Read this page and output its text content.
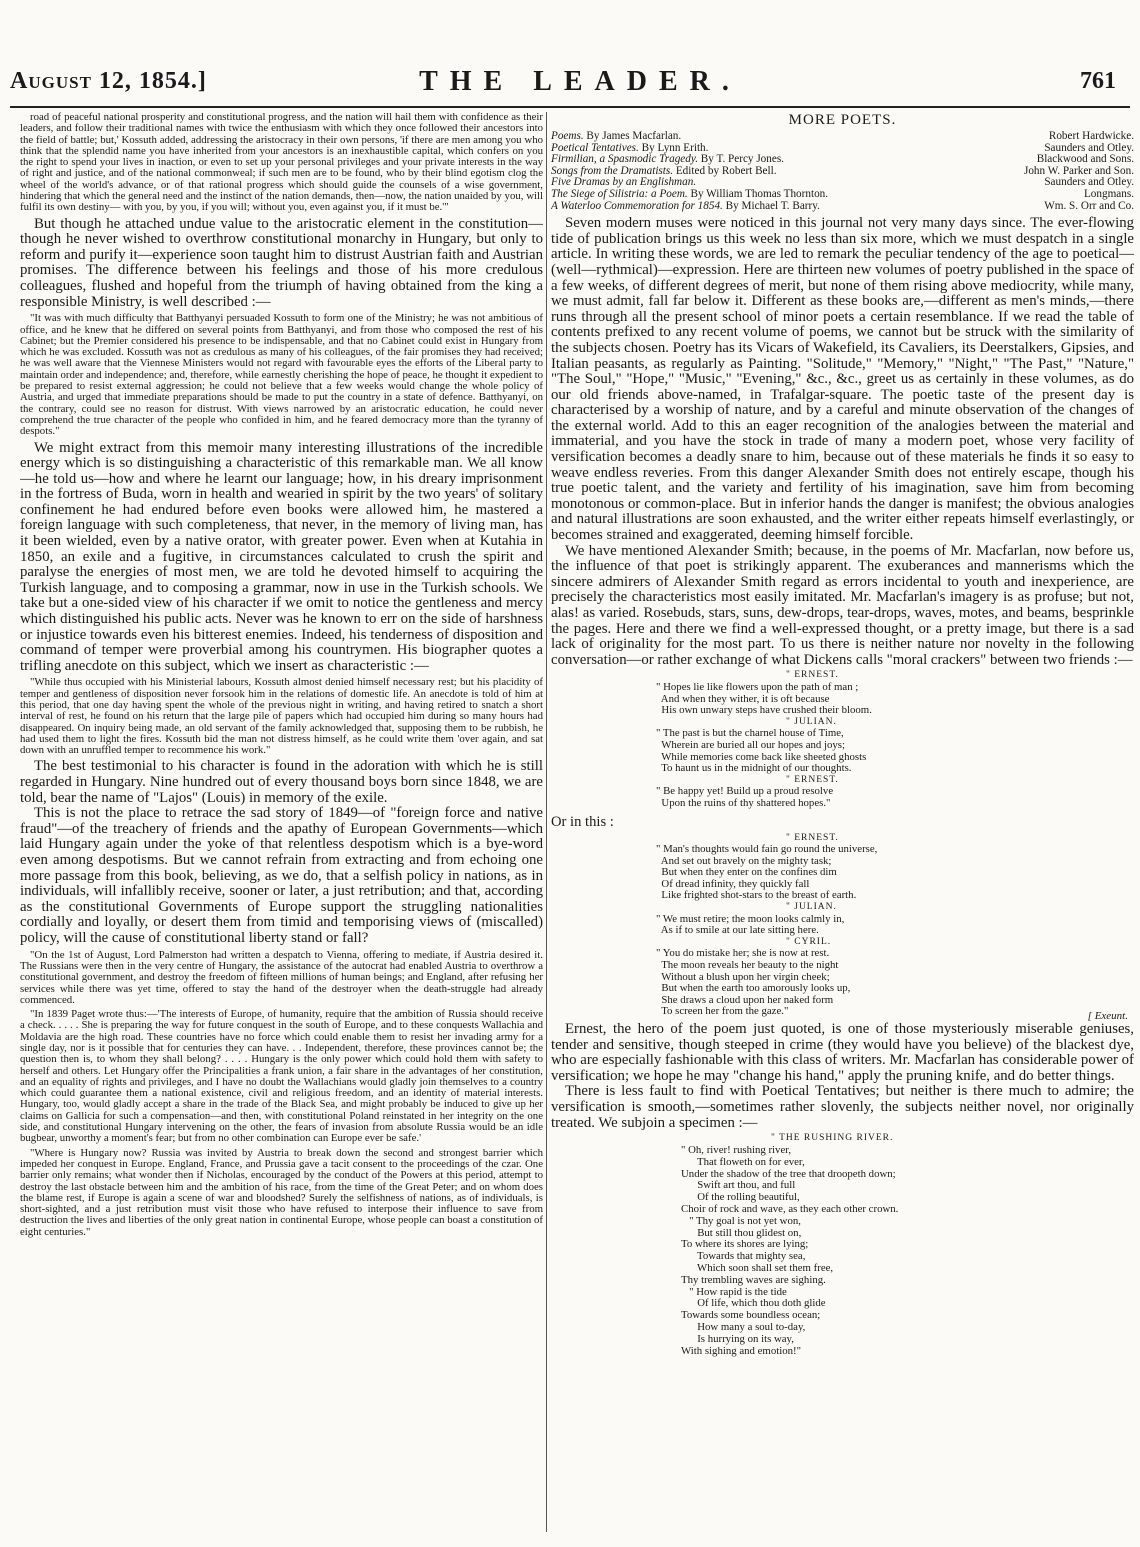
August 12, 1854.]	THE LEADER.	761

road of peaceful national prosperity and constitutional progress, and the nation will hail them with confidence as their leaders, and follow their traditional names with twice the enthusiasm with which they once followed their ancestors into the field of battle; but,' Kossuth added, addressing the aristocracy in their own persons, 'if there are men among you who think that the splendid name you have inherited from your ancestors is an inexhaustible capital, which confers on you the right to spend your lives in inaction, or even to set up your personal privileges and your private interests in the way of right and justice, and of the national commonweal; if such men are to be found, who by their blind egotism clog the wheel of the world's advance, or of that rational progress which should guide the counsels of a wise government, hindering that which the general need and the instinct of the nation demands, then—now, the nation unaided by you, will fulfil its own destiny— with you, by you, if you will; without you, even against you, if it must be.'"

But though he attached undue value to the aristocratic element in the constitution—though he never wished to overthrow constitutional monarchy in Hungary, but only to reform and purify it—experience soon taught him to distrust Austrian faith and Austrian promises. The difference between his feelings and those of his more credulous colleagues, flushed and hopeful from the triumph of having obtained from the king a responsible Ministry, is well described :—

"It was with much difficulty that Batthyanyi persuaded Kossuth to form one of the Ministry; he was not ambitious of office, and he knew that he differed on several points from Batthyanyi, and from those who composed the rest of his Cabinet; but the Premier considered his presence to be indispensable, and that no Cabinet could exist in Hungary from which he was excluded. Kossuth was not as credulous as many of his colleagues, of the fair promises they had received; he was well aware that the Viennese Ministers would not regard with favourable eyes the efforts of the Liberal party to maintain order and independence; and, therefore, while earnestly cherishing the hope of peace, he thought it expedient to be prepared to resist external aggression; he could not believe that a few weeks would change the whole policy of Austria, and urged that immediate preparations should be made to put the country in a state of defence. Batthyanyi, on the contrary, could see no reason for distrust. With views narrowed by an aristocratic education, he could never comprehend the true character of the people who confided in him, and he feared democracy more than the tyranny of despots."

We might extract from this memoir many interesting illustrations of the incredible energy which is so distinguishing a characteristic of this remarkable man. We all know—he told us—how and where he learnt our language; how, in his dreary imprisonment in the fortress of Buda, worn in health and wearied in spirit by the two years' of solitary confinement he had endured before even books were allowed him, he mastered a foreign language with such completeness, that never, in the memory of living man, has it been wielded, even by a native orator, with greater power. Even when at Kutahia in 1850, an exile and a fugitive, in circumstances calculated to crush the spirit and paralyse the energies of most men, we are told he devoted himself to acquiring the Turkish language, and to composing a grammar, now in use in the Turkish schools. We take but a one-sided view of his character if we omit to notice the gentleness and mercy which distinguished his public acts. Never was he known to err on the side of harshness or injustice towards even his bitterest enemies. Indeed, his tenderness of disposition and command of temper were proverbial among his countrymen. His biographer quotes a trifling anecdote on this subject, which we insert as characteristic :—

"While thus occupied with his Ministerial labours, Kossuth almost denied himself necessary rest; but his placidity of temper and gentleness of disposition never forsook him in the relations of domestic life. An anecdote is told of him at this period, that one day having spent the whole of the previous night in writing, and having retired to snatch a short interval of rest, he found on his return that the large pile of papers which had occupied him during so many hours had disappeared. On inquiry being made, an old servant of the family acknowledged that, supposing them to be rubbish, he had used them to light the fires. Kossuth bid the man not distress himself, as he could write them 'over again, and sat down with an unruffled temper to recommence his work."

The best testimonial to his character is found in the adoration with which he is still regarded in Hungary. Nine hundred out of every thousand boys born since 1848, we are told, bear the name of "Lajos" (Louis) in memory of the exile.

This is not the place to retrace the sad story of 1849—of "foreign force and native fraud"—of the treachery of friends and the apathy of European Governments—which laid Hungary again under the yoke of that relentless despotism which is a bye-word even among despotisms. But we cannot refrain from extracting and from echoing one more passage from this book, believing, as we do, that a selfish policy in nations, as in individuals, will infallibly receive, sooner or later, a just retribution; and that, according as the constitutional Governments of Europe support the struggling nationalities cordially and loyally, or desert them from timid and temporising views of (miscalled) policy, will the cause of constitutional liberty stand or fall?

"On the 1st of August, Lord Palmerston had written a despatch to Vienna, offering to mediate, if Austria desired it. The Russians were then in the very centre of Hungary, the assistance of the autocrat had enabled Austria to overthrow a constitutional government, and destroy the freedom of fifteen millions of human beings; and England, after refusing her services while there was yet time, offered to stay the hand of the destroyer when the death-struggle had already commenced.

"In 1839 Paget wrote thus:—'The interests of Europe, of humanity, require that the ambition of Russia should receive a check. . . . . She is preparing the way for future conquest in the south of Europe, and to these conquests Wallachia and Moldavia are the high road. These countries have no force which could enable them to resist her invading army for a single day, nor is it possible that for centuries they can have. . . Independent, therefore, these provinces cannot be; the question then is, to whom they shall belong? . . . . Hungary is the only power which could hold them with safety to herself and others. Let Hungary offer the Principalities a frank union, a fair share in the advantages of her constitution, and an equality of rights and privileges, and I have no doubt the Wallachians would gladly join themselves to a country which could guarantee them a national existence, civil and religious freedom, and an identity of material interests. Hungary, too, would gladly accept a share in the trade of the Black Sea, and might probably be induced to give up her claims on Gallicia for such a compensation—and then, with constitutional Poland reinstated in her integrity on the one side, and constitutional Hungary intervening on the other, the fears of invasion from absolute Russia would be an idle bugbear, unworthy a moment's fear; but from no other combination can Europe ever be safe.'

"Where is Hungary now? Russia was invited by Austria to break down the second and strongest barrier which impeded her conquest in Europe. England, France, and Prussia gave a tacit consent to the proceedings of the czar. One barrier only remains; what wonder then if Nicholas, encouraged by the conduct of the Powers at this period, attempt to destroy the last obstacle between him and the ambition of his race, from the time of the Great Peter; and on whom does the blame rest, if Europe is again a scene of war and bloodshed? Surely the selfishness of nations, as of individuals, is short-sighted, and a just retribution must visit those who have refused to interpose their influence to save from destruction the lives and liberties of the only great nation in continental Europe, whose people can boast a constitution of eight centuries."

MORE POETS.
Poems. By James Macfarlan.	Robert Hardwicke.
Poetical Tentatives. By Lynn Erith.	Saunders and Otley.
Firmilian, a Spasmodic Tragedy. By T. Percy Jones.	Blackwood and Sons.
Songs from the Dramatists. Edited by Robert Bell.	John W. Parker and Son.
Five Dramas by an Englishman.	Saunders and Otley.
The Siege of Silistria: a Poem. By William Thomas Thornton.	Longmans.
A Waterloo Commemoration for 1854. By Michael T. Barry.	Wm. S. Orr and Co.

Seven modern muses were noticed in this journal not very many days since. The ever-flowing tide of publication brings us this week no less than six more, which we must despatch in a single article. In writing these words, we are led to remark the peculiar tendency of the age to poetical—(well—rythmical)—expression. Here are thirteen new volumes of poetry published in the space of a few weeks, of different degrees of merit, but none of them rising above mediocrity, while many, we must admit, fall far below it. Different as these books are,—different as men's minds,—there runs through all the present school of minor poets a certain resemblance. If we read the table of contents prefixed to any recent volume of poems, we cannot but be struck with the similarity of the subjects chosen. Poetry has its Vicars of Wakefield, its Cavaliers, its Deerstalkers, Gipsies, and Italian peasants, as regularly as Painting. "Solitude," "Memory," "Night," "The Past," "Nature," "The Soul," "Hope," "Music," "Evening," &c., &c., greet us as certainly in these volumes, as do our old friends above-named, in Trafalgar-square. The poetic taste of the present day is characterised by a worship of nature, and by a careful and minute observation of the changes of the external world. Add to this an eager recognition of the analogies between the material and immaterial, and you have the stock in trade of many a modern poet, whose very facility of versification becomes a deadly snare to him, because out of these materials he finds it so easy to weave endless reveries. From this danger Alexander Smith does not entirely escape, though his true poetic talent, and the variety and fertility of his imagination, save him from becoming monotonous or common-place. But in inferior hands the danger is manifest; the obvious analogies and natural illustrations are soon exhausted, and the writer either repeats himself everlastingly, or becomes strained and exaggerated, deeming himself forcible.

We have mentioned Alexander Smith; because, in the poems of Mr. Macfarlan, now before us, the influence of that poet is strikingly apparent. The exuberances and mannerisms which the sincere admirers of Alexander Smith regard as errors incidental to youth and inexperience, are precisely the characteristics most easily imitated. Mr. Macfarlan's imagery is as profuse; but not, alas! as varied. Rosebuds, stars, suns, dew-drops, tear-drops, waves, motes, and beams, besprinkle the pages. Here and there we find a well-expressed thought, or a pretty image, but there is a sad lack of originality for the most part. To us there is neither nature nor novelty in the following conversation—or rather exchange of what Dickens calls "moral crackers" between two friends :—

" ERNEST.
" Hopes lie like flowers upon the path of man ;
And when they wither, it is oft because
His own unwary steps have crushed their bloom.
" JULIAN.
" The past is but the charnel house of Time,
Wherein are buried all our hopes and joys;
While memories come back like sheeted ghosts
To haunt us in the midnight of our thoughts.
" ERNEST.
" Be happy yet! Build up a proud resolve
Upon the ruins of thy shattered hopes."
Or in this :
" ERNEST.
" Man's thoughts would fain go round the universe,
And set out bravely on the mighty task;
But when they enter on the confines dim
Of dread infinity, they quickly fall
Like frighted shot-stars to the breast of earth.
" JULIAN.
" We must retire; the moon looks calmly in,
As if to smile at our late sitting here.
" CYRIL.
" You do mistake her; she is now at rest.
The moon reveals her beauty to the night
Without a blush upon her virgin cheek;
But when the earth too amorously looks up,
She draws a cloud upon her naked form
To screen her from the gaze."	[ Exeunt.

Ernest, the hero of the poem just quoted, is one of those mysteriously miserable geniuses, tender and sensitive, though steeped in crime (they would have you believe) of the blackest dye, who are especially fashionable with this class of writers. Mr. Macfarlan has considerable power of versification; we hope he may "change his hand," apply the pruning knife, and do better things.

There is less fault to find with Poetical Tentatives; but neither is there much to admire; the versification is smooth,—sometimes rather slovenly, the subjects neither novel, nor originally treated. We subjoin a specimen :—

" THE RUSHING RIVER.
" Oh, river! rushing river,
That floweth on for ever,
Under the shadow of the tree that droopeth down;
Swift art thou, and full
Of the rolling beautiful,
Choir of rock and wave, as they each other crown.
" Thy goal is not yet won,
But still thou glidest on,
To where its shores are lying;
Towards that mighty sea,
Which soon shall set them free,
Thy trembling waves are sighing.
" How rapid is the tide
Of life, which thou doth glide
Towards some boundless ocean;
How many a soul to-day,
Is hurrying on its way,
With sighing and emotion!"
